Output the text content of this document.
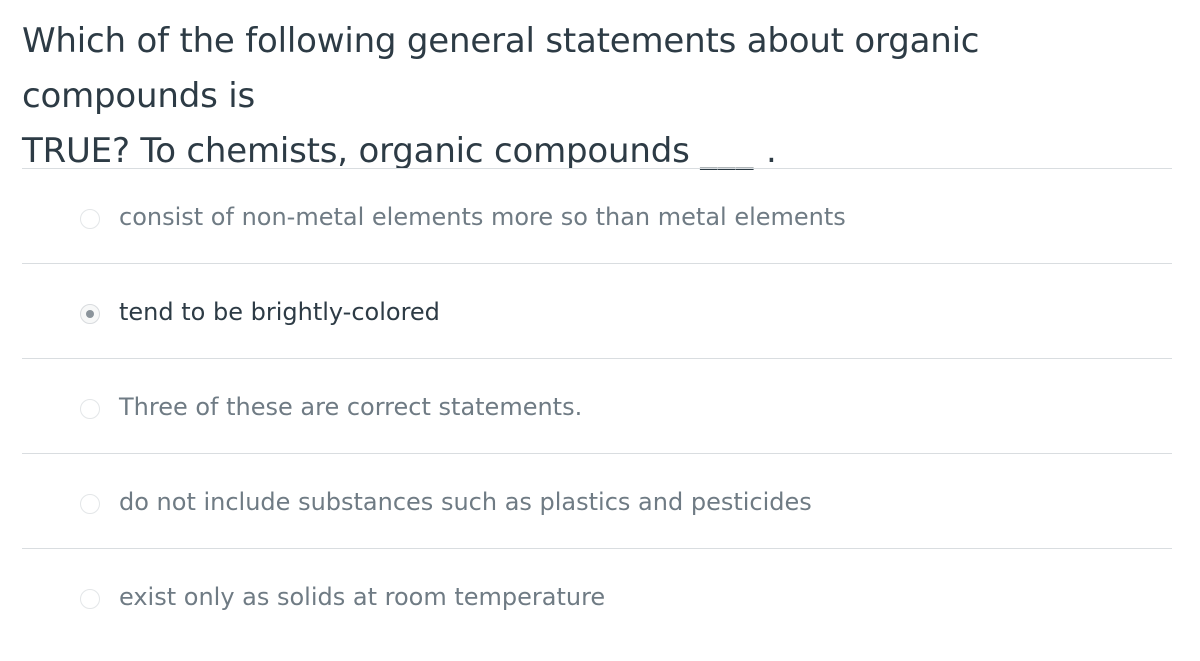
Which of the following general statements about organic compounds is
TRUE? To chemists, organic compounds ___ .
consist of non-metal elements more so than metal elements
tend to be brightly-colored
Three of these are correct statements.
do not include substances such as plastics and pesticides
exist only as solids at room temperature
